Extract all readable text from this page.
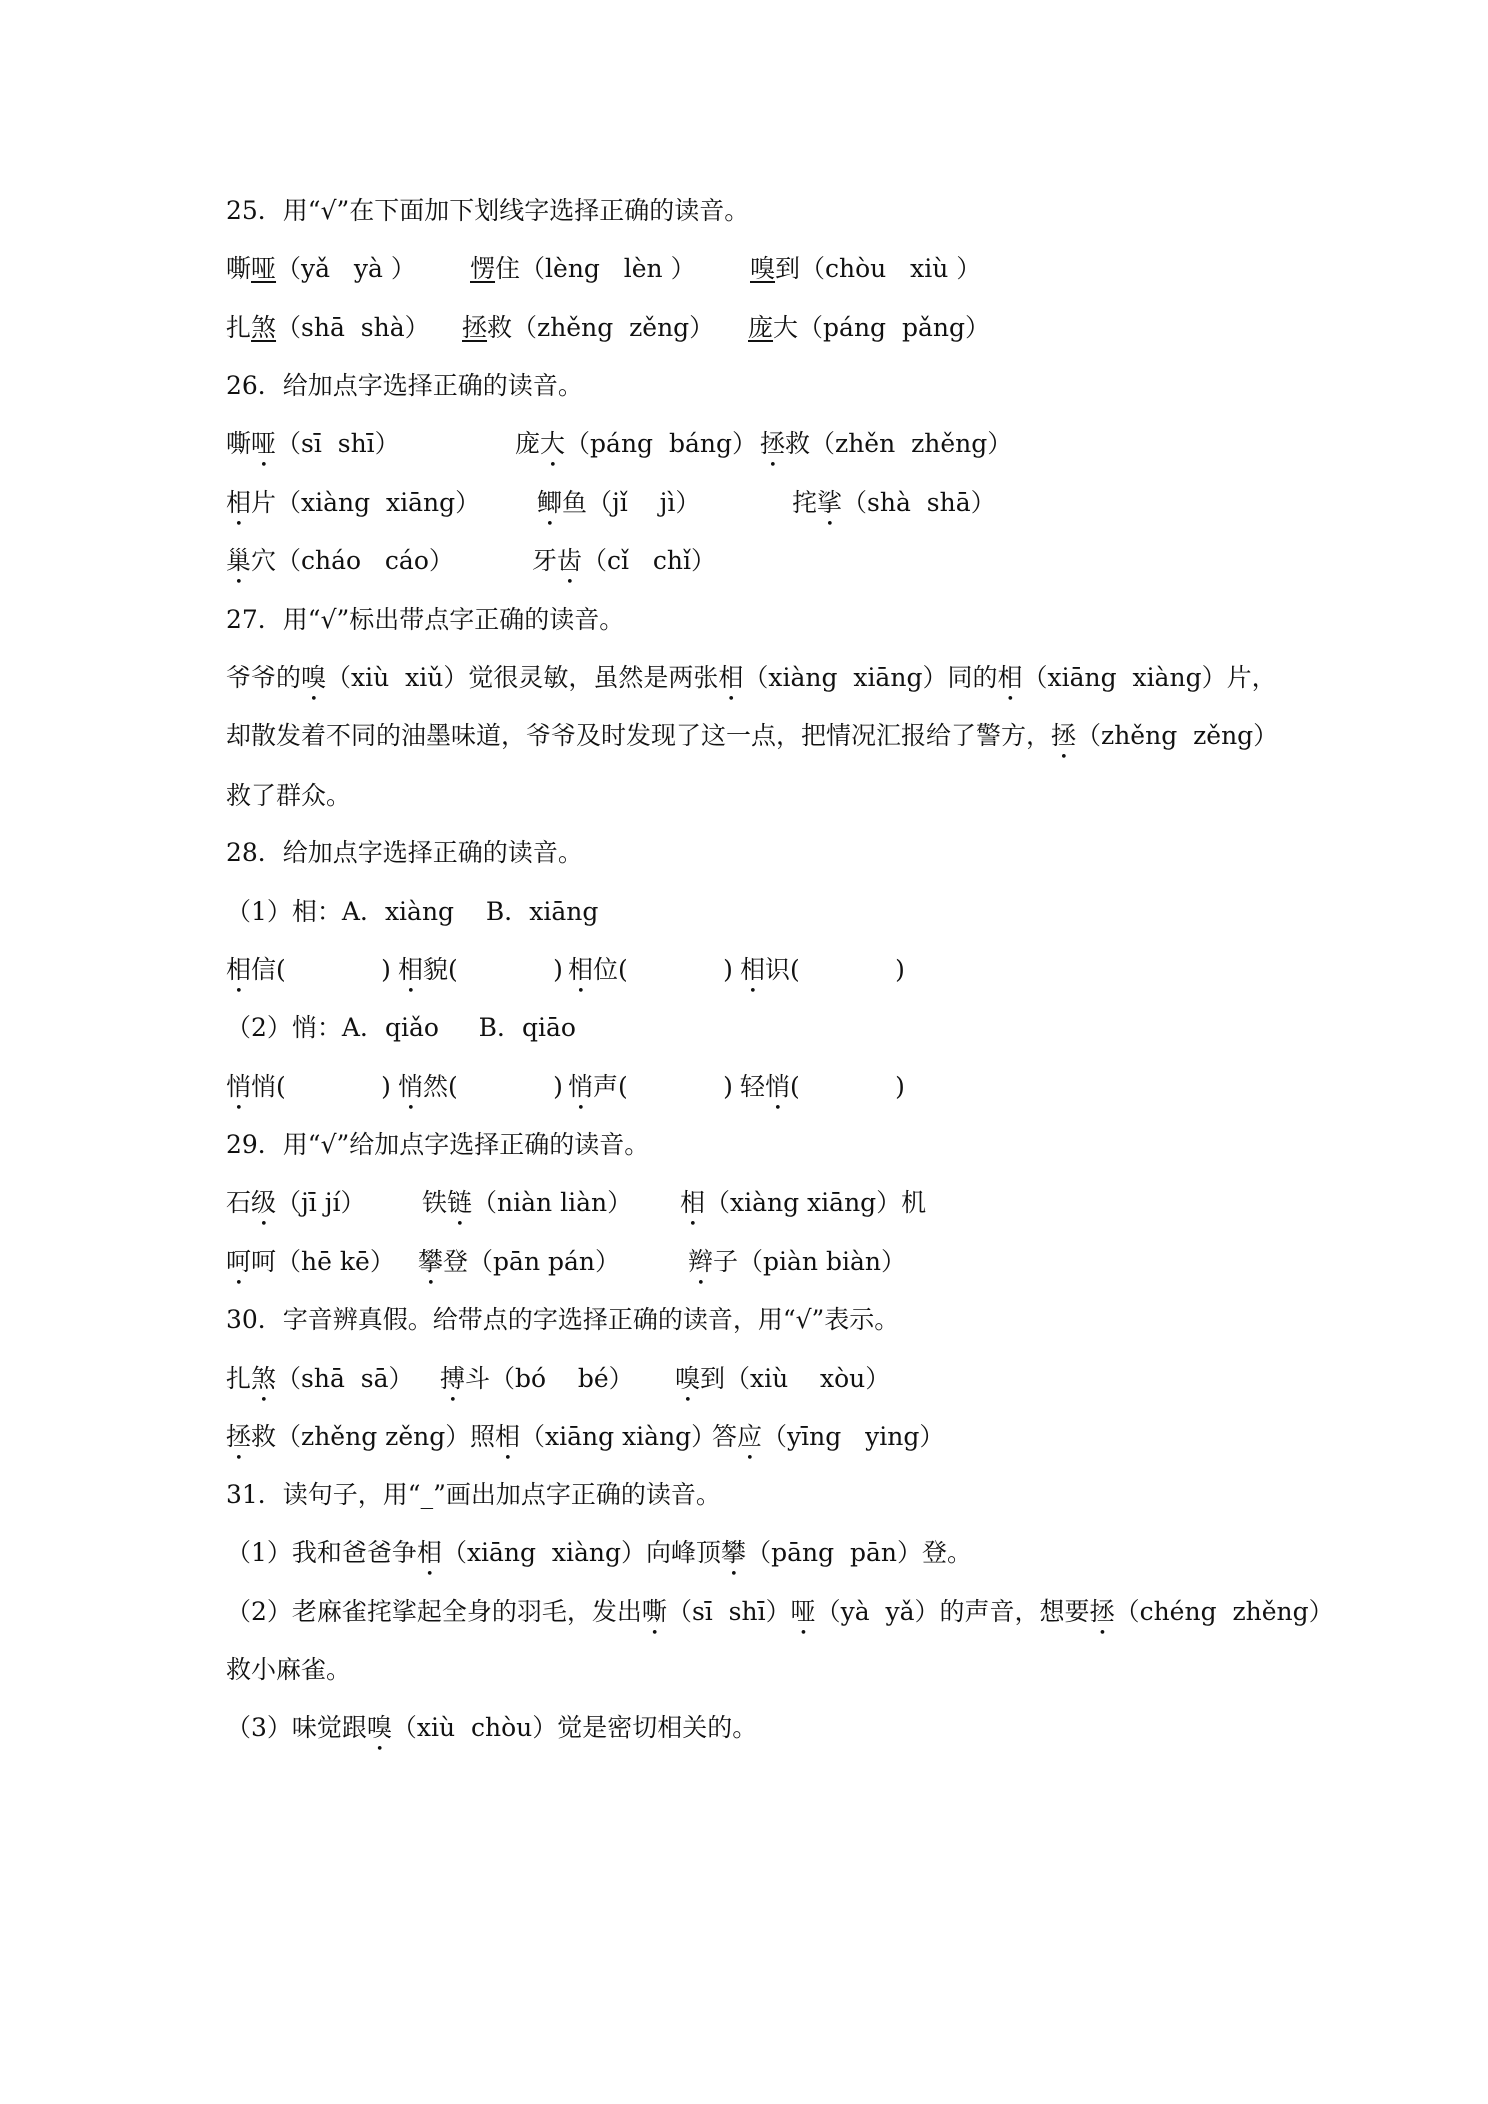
25．用“√”在下面加下划线字选择正确的读音。
嘶哑（yǎ   yà ） 愣住（lèng   lèn ） 嗅到（chòu   xiù ）
扎煞（shā  shà） 拯救（zhěng  zěng） 庞大（páng  pǎng）
26．给加点字选择正确的读音。
嘶哑（sī  shī）	庞大（páng  báng） 拯救（zhěn  zhěng）
相片（xiàng  xiāng） 鲫鱼（jǐ    jì）	挓挲（shà  shā）
巢穴（cháo   cáo）	牙齿（cǐ   chǐ）
27．用“√”标出带点字正确的读音。
爷爷的嗅（xiù  xiǔ）觉很灵敏，虽然是两张相（xiàng  xiāng）同的相（xiāng  xiàng）片，
却散发着不同的油墨味道，爷爷及时发现了这一点，把情况汇报给了警方，拯（zhěng  zěng）
救了群众。
28．给加点字选择正确的读音。
（1）相：A．xiàng    B．xiāng
相信(            ) 相貌(            ) 相位(            ) 相识(            )
（2）悄：A．qiǎo     B．qiāo
悄悄(            ) 悄然(            ) 悄声(            ) 轻悄(            )
29．用“√”给加点字选择正确的读音。
石级（jī jí） 铁链（niàn liàn） 相（xiàng xiāng）机
呵呵（hē kē） 攀登（pān pán）	辫子（piàn biàn）
30．字音辨真假。给带点的字选择正确的读音，用“√”表示。
扎煞（shā  sā） 搏斗（bó    bé） 嗅到（xiù    xòu）
拯救（zhěng zěng） 照相（xiāng xiàng）
答应（yīng   ying）
31．读句子，用“_”画出加点字正确的读音。
（1）我和爸爸争相（xiāng  xiàng）向峰顶攀（pāng  pān）登。
（2）老麻雀挓挲起全身的羽毛，发出嘶（sī  shī）哑（yà  yǎ）的声音，想要拯（chéng  zhěng）
救小麻雀。
（3）味觉跟嗅（xiù  chòu）觉是密切相关的。
